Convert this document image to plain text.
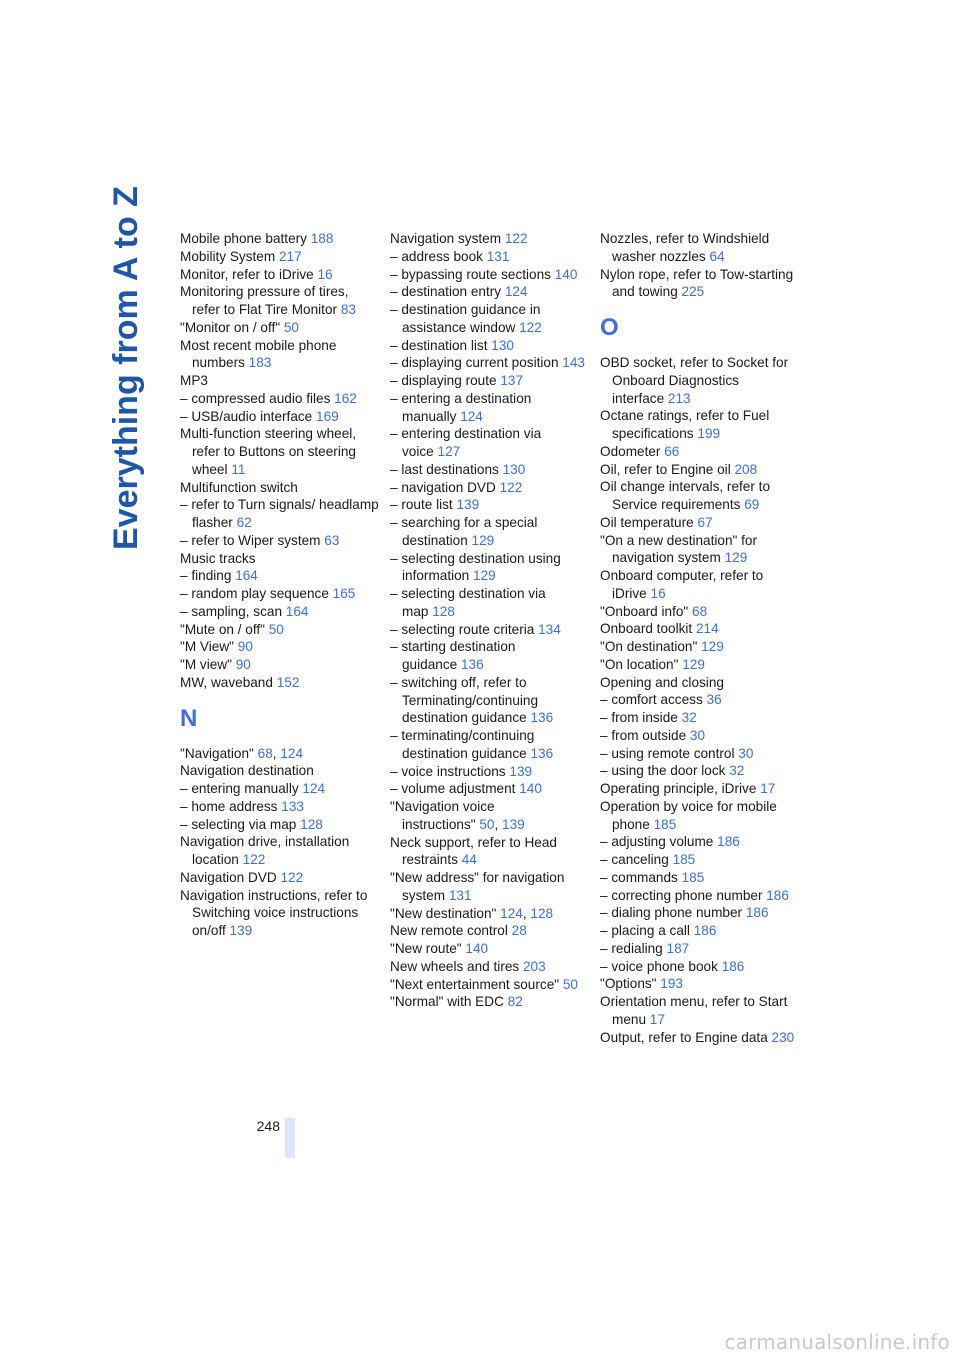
Everything from A to Z	Mobile phone battery 188

Mobility System 217

Monitor, refer to iDrive 16

Monitoring pressure of tires, refer to Flat Tire Monitor 83

"Monitor on / off" 50

Most recent mobile phone numbers 183

MP3

– compressed audio files 162

– USB/audio interface 169

Multi-function steering wheel, refer to Buttons on steering wheel 11

Multifunction switch

– refer to Turn signals/ headlamp flasher 62

– refer to Wiper system 63

Music tracks

– finding 164

– random play sequence 165

– sampling, scan 164

"Mute on / off" 50

"M View" 90

"M view" 90

MW, waveband 152

N

"Navigation" 68, 124

Navigation destination

– entering manually 124

– home address 133

– selecting via map 128

Navigation drive, installation location 122

Navigation DVD 122

Navigation instructions, refer to Switching voice instructions on/off 139

Navigation system 122

– address book 131

– bypassing route sections 140

– destination entry 124

– destination guidance in assistance window 122

– destination list 130

– displaying current position 143

– displaying route 137

– entering a destination manually 124

– entering destination via voice 127

– last destinations 130

– navigation DVD 122

– route list 139

– searching for a special destination 129

– selecting destination using information 129

– selecting destination via map 128

– selecting route criteria 134

– starting destination guidance 136

– switching off, refer to Terminating/continuing destination guidance 136

– terminating/continuing destination guidance 136

– voice instructions 139

– volume adjustment 140

"Navigation voice instructions" 50, 139

Neck support, refer to Head restraints 44

"New address" for navigation system 131

"New destination" 124, 128

New remote control 28

"New route" 140

New wheels and tires 203

"Next entertainment source" 50

"Normal" with EDC 82

Nozzles, refer to Windshield washer nozzles 64

Nylon rope, refer to Tow-starting and towing 225

O

OBD socket, refer to Socket for Onboard Diagnostics interface 213

Octane ratings, refer to Fuel specifications 199

Odometer 66

Oil, refer to Engine oil 208

Oil change intervals, refer to Service requirements 69

Oil temperature 67

"On a new destination" for navigation system 129

Onboard computer, refer to iDrive 16

"Onboard info" 68

Onboard toolkit 214

"On destination" 129

"On location" 129

Opening and closing

– comfort access 36

– from inside 32

– from outside 30

– using remote control 30

– using the door lock 32

Operating principle, iDrive 17

Operation by voice for mobile phone 185

– adjusting volume 186

– canceling 185

– commands 185

– correcting phone number 186

– dialing phone number 186

– placing a call 186

– redialing 187

– voice phone book 186

"Options" 193

Orientation menu, refer to Start menu 17

Output, refer to Engine data 230

248
carmanualsonline.info
